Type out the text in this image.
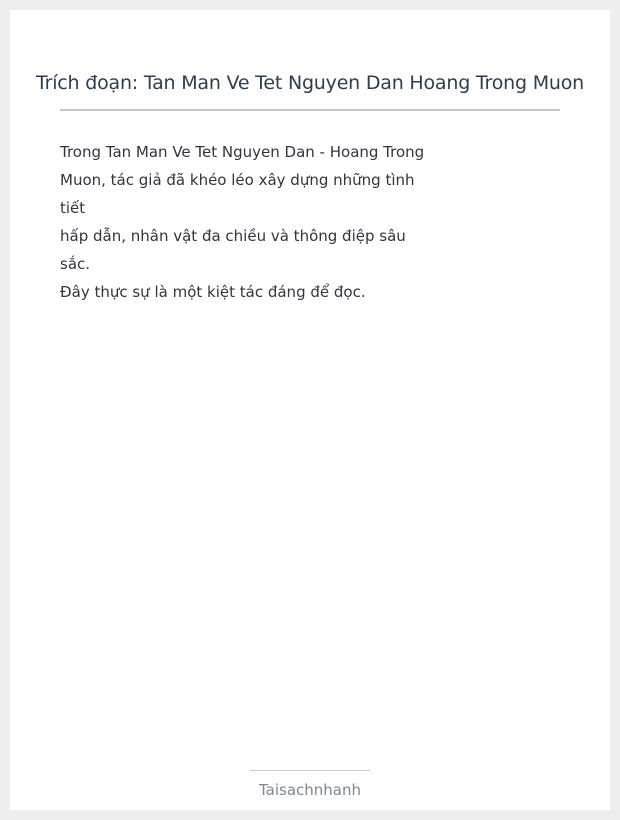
Trích đoạn: Tan Man Ve Tet Nguyen Dan Hoang Trong Muon
Trong Tan Man Ve Tet Nguyen Dan - Hoang Trong
Muon, tác giả đã khéo léo xây dựng những tình
tiết
hấp dẫn, nhân vật đa chiều và thông điệp sâu
sắc.
Đây thực sự là một kiệt tác đáng để đọc.
Taisachnhanh
